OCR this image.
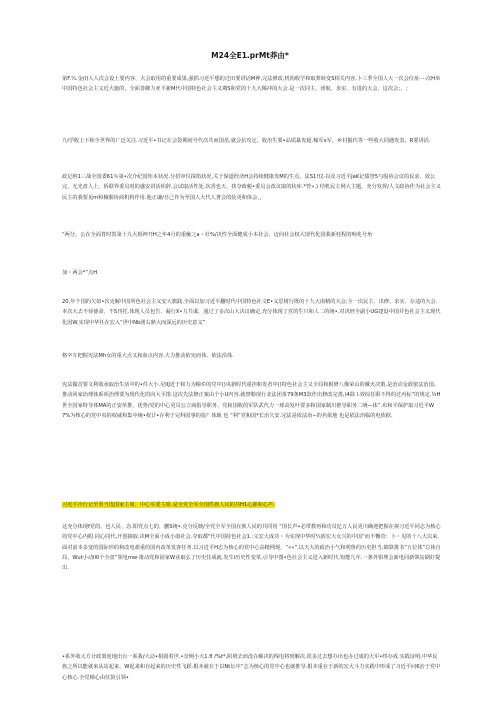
M24全E1.prMt莽由*

第F.¼.金(l)人人次会设上要内容、大会取用的重要成果,强抓习近平想的迁田要讲话M神,完法修改.机构收学和取葬转变S相关内容,卜三季全国人大一次会位址⋯·次H举中国特色社会主义近大施的、全面善御力亚平新M代中国特色社会主义期S和党的十九大稀冲的大会.是一次同主、团航、求实、有进的大会。这次会；，;

九I学收上下和全世界的广泛关注.习近平•书记在会袋期间号代次共而国虽,就会抗攻定、收治生要•品质暴发超.稼军х军，乡村掘代等一些收大同遇发表，R要讲话.

政足纳1三战全国委61％第•次介纪国矩本状况.分招审仪探指状况,关于保道经济H会持续健康发M的生点，法S1!仅·以及习近平JaK记绩登5与股协会议的民求、效公完、无光盘人士、侨联界委员时的盛安讲活枳辞.会试取活性处.次香也天、抉夺政税•委员会改议取的状库.*符».) 结机民主网大主题，充分发挥/人文政协作为社会主义民主的我要见m和檢腥协商机构作用.他正谦/自己作为至国人大代人著会的装更和体会，，

“两分，公在全面育时贺第十九大相神开H之年4月的重触之a・社%/决性全面健成小木社会、迈向社会权大现代化国我新桂程的响兆号角

加・两会*”点H

20,年个国的欠如•次克解中国所色社会主义安大旗践.全面以加习近平翻时代中国特色社文E•义思树行既的十九大南精的大会,全一次民主、出修、求实、存违的大会.本次大去不辱使命、不S刊托.体现人员包告、凝行X•力共谋，通过了多次山大决议确定,充分体现了党的生只和人二的统•.对决轻全副小UG建设中国并色社会主义现代化国W.实现中华任在宏入“世中Nb剧右鼎大而深远的历史意义”

格卒车把握宪法Mh女的重大点又和血点内容.大力推动依宪而体、依法沿体.

宪法做首要文利收承取治生活中的•件大小.尼IIJ近于和力为粮©的党中()央新时代重担和发者中()特色社会主义全局和根修八像荣山的戴火决策.是治动金敢依法治国、推动回家冶理体系项治理要为现代化的向大平措.这次先法修正案由个小U内容.就禁勒现行北法团茶79条M3款作出修改完善,)4除 l.效综任职不得的过丙标”的规定.½H世全国家特导体MA的正安单推，优势/党的中心更员公立商指导职务、党和国收的军队武代力一球高发叶要多和国家制川推导职务二统―体”.布和平保护取习近平W7%为核心的党中央的权威和集中统•权计•存利于完科国事的投？体载 也 “利“党和国*长治久安.完法是依法冶∽的名依地 也是依法治临的电依据.

习近平冷行记至票当选国家主席、中心军委主席.是全党全军全国件族人民的共H1心源和心声.

这充分体现f党的、也人民、念.阳党点七的，删S统•.克分反映/全党全军全国在族人民的共同用 “国长声•必带教再和功员忆万人民更川确迎把握在视习近平同志为核心的党中心内附.同心同代,开创摘取.决M全面小成小康社会.夺取都"代中国持色社会1.:义宏大成功・为实现中华时¼族宏大女兴的中国“而不懈奇：卜・见的十八大以来.面对前本多变的国际形的和改电艰重的国内改革发客任务.以习近平H志为核心的党中心高精网现，“««”.以天大的政治小气和明鲁的历史担当,锦算推书”五位体”总体自局、Wut小动ll0个全盘“领电mw·策动党和固家W业取弘了历史住成就.发生l历史性变革,引导中图•色社会主义进入新时代.短能几年.一条外惧理会新电同新领站刷好提出.

•系外收大方计政策逆地出台一系我/大动•相圆着世.•奈例小大1.fI /%t*,阻碍去而没在解决的线电将到解决.很多过去想办出也办过成的大军•终办成.实践证明.中华民族之所以能就来从站起来、W起来和存起来的历史性飞跃.根本就在于以Nt坛中“志为核心的党中心也就推导.根本重在于新的宏大斗力实践中形成了习近平问6治于党中心核心.全党梯心由驻鼓引领•
